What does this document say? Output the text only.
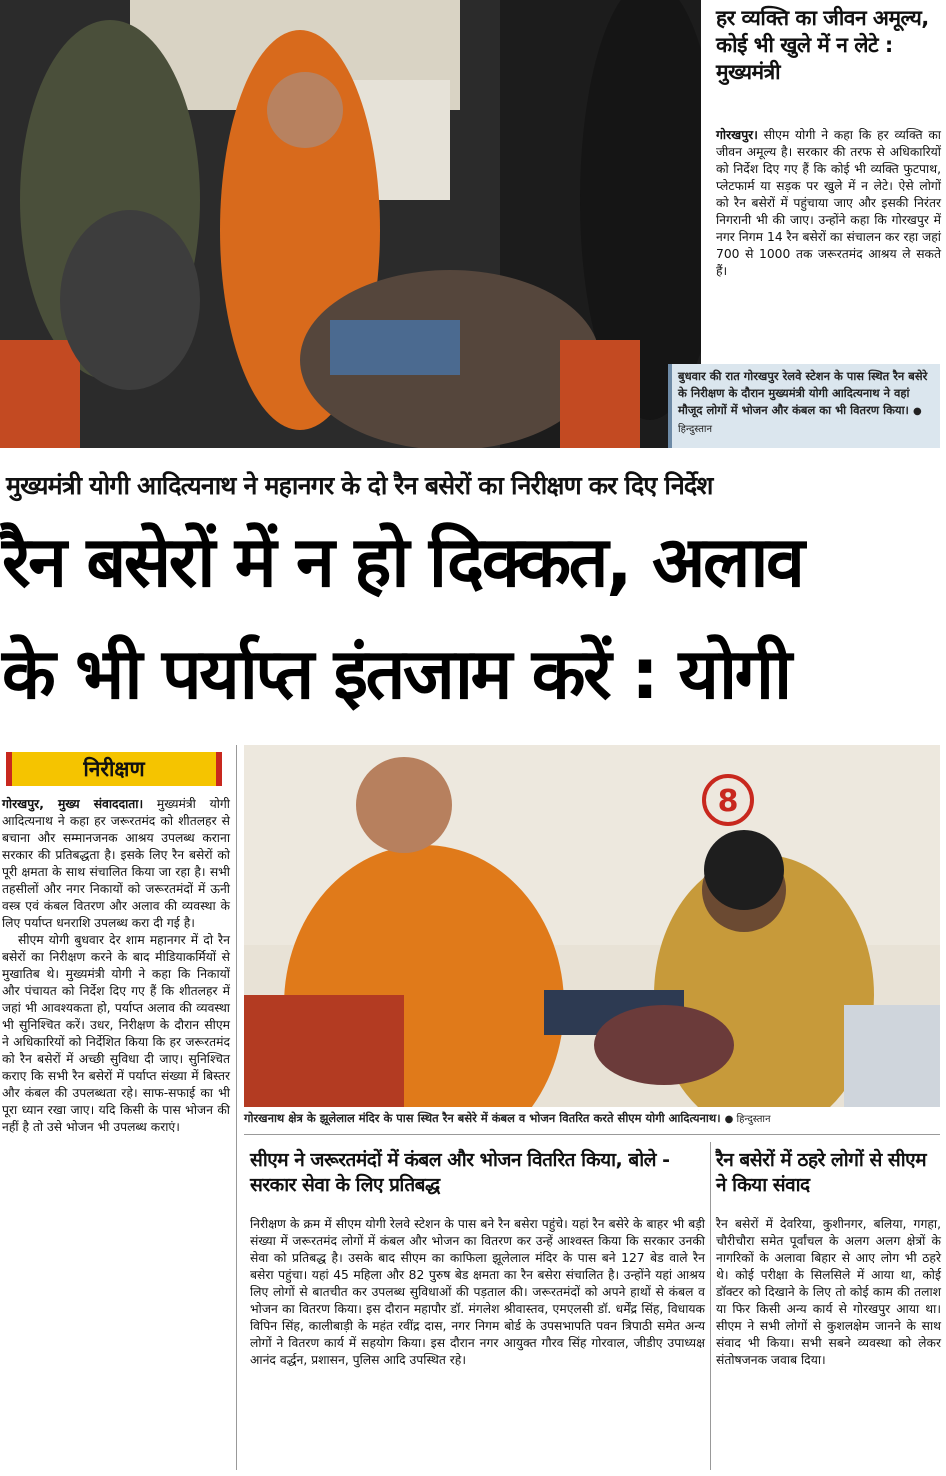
हर व्यक्ति का जीवन अमूल्य, कोई भी खुले में न लेटे : मुख्यमंत्री
गोरखपुर। सीएम योगी ने कहा कि हर व्यक्ति का जीवन अमूल्य है। सरकार की तरफ से अधिकारियों को निर्देश दिए गए हैं कि कोई भी व्यक्ति फुटपाथ, प्लेटफार्म या सड़क पर खुले में न लेटे। ऐसे लोगों को रैन बसेरों में पहुंचाया जाए और इसकी निरंतर निगरानी भी की जाए। उन्होंने कहा कि गोरखपुर में नगर निगम 14 रैन बसेरों का संचालन कर रहा जहां 700 से 1000 तक जरूरतमंद आश्रय ले सकते हैं।
बुधवार की रात गोरखपुर रेलवे स्टेशन के पास स्थित रैन बसेरे के निरीक्षण के दौरान मुख्यमंत्री योगी आदित्यनाथ ने वहां मौजूद लोगों में भोजन और कंबल का भी वितरण किया। ● हिन्दुस्तान
मुख्यमंत्री योगी आदित्यनाथ ने महानगर के दो रैन बसेरों का निरीक्षण कर दिए निर्देश
रैन बसेरों में न हो दिक्कत, अलाव
के भी पर्याप्त इंतजाम करें : योगी
निरीक्षण
गोरखपुर, मुख्य संवाददाता। मुख्यमंत्री योगी आदित्यनाथ ने कहा हर जरूरतमंद को शीतलहर से बचाना और सम्मानजनक आश्रय उपलब्ध कराना सरकार की प्रतिबद्धता है। इसके लिए रैन बसेरों को पूरी क्षमता के साथ संचालित किया जा रहा है। सभी तहसीलों और नगर निकायों को जरूरतमंदों में ऊनी वस्त्र एवं कंबल वितरण और अलाव की व्यवस्था के लिए पर्याप्त धनराशि उपलब्ध करा दी गई है।
सीएम योगी बुधवार देर शाम महानगर में दो रैन बसेरों का निरीक्षण करने के बाद मीडियाकर्मियों से मुखातिब थे। मुख्यमंत्री योगी ने कहा कि निकायों और पंचायत को निर्देश दिए गए हैं कि शीतलहर में जहां भी आवश्यकता हो, पर्याप्त अलाव की व्यवस्था भी सुनिश्चित करें। उधर, निरीक्षण के दौरान सीएम ने अधिकारियों को निर्देशित किया कि हर जरूरतमंद को रैन बसेरों में अच्छी सुविधा दी जाए। सुनिश्चित कराए कि सभी रैन बसेरों में पर्याप्त संख्या में बिस्तर और कंबल की उपलब्धता रहे। साफ-सफाई का भी पूरा ध्यान रखा जाए। यदि किसी के पास भोजन की नहीं है तो उसे भोजन भी उपलब्ध कराएं।
8
गोरखनाथ क्षेत्र के झूलेलाल मंदिर के पास स्थित रैन बसेरे में कंबल व भोजन वितरित करते सीएम योगी आदित्यनाथ। ● हिन्दुस्तान
सीएम ने जरूरतमंदों में कंबल और भोजन वितरित किया, बोले - सरकार सेवा के लिए प्रतिबद्ध
निरीक्षण के क्रम में सीएम योगी रेलवे स्टेशन के पास बने रैन बसेरा पहुंचे। यहां रैन बसेरे के बाहर भी बड़ी संख्या में जरूरतमंद लोगों में कंबल और भोजन का वितरण कर उन्हें आश्वस्त किया कि सरकार उनकी सेवा को प्रतिबद्ध है। उसके बाद सीएम का काफिला झूलेलाल मंदिर के पास बने 127 बेड वाले रैन बसेरा पहुंचा। यहां 45 महिला और 82 पुरुष बेड क्षमता का रैन बसेरा संचालित है। उन्होंने यहां आश्रय लिए लोगों से बातचीत कर उपलब्ध सुविधाओं की पड़ताल की। जरूरतमंदों को अपने हाथों से कंबल व भोजन का वितरण किया। इस दौरान महापौर डॉ. मंगलेश श्रीवास्तव, एमएलसी डॉ. धर्मेंद्र सिंह, विधायक विपिन सिंह, कालीबाड़ी के महंत रवींद्र दास, नगर निगम बोर्ड के उपसभापति पवन त्रिपाठी समेत अन्य लोगों ने वितरण कार्य में सहयोग किया। इस दौरान नगर आयुक्त गौरव सिंह गोरवाल, जीडीए उपाध्यक्ष आनंद वर्द्धन, प्रशासन, पुलिस आदि उपस्थित रहे।
रैन बसेरों में ठहरे लोगों से सीएम ने किया संवाद
रैन बसेरों में देवरिया, कुशीनगर, बलिया, गगहा, चौरीचौरा समेत पूर्वांचल के अलग अलग क्षेत्रों के नागरिकों के अलावा बिहार से आए लोग भी ठहरे थे। कोई परीक्षा के सिलसिले में आया था, कोई डॉक्टर को दिखाने के लिए तो कोई काम की तलाश या फिर किसी अन्य कार्य से गोरखपुर आया था। सीएम ने सभी लोगों से कुशलक्षेम जानने के साथ संवाद भी किया। सभी सबने व्यवस्था को लेकर संतोषजनक जवाब दिया।
